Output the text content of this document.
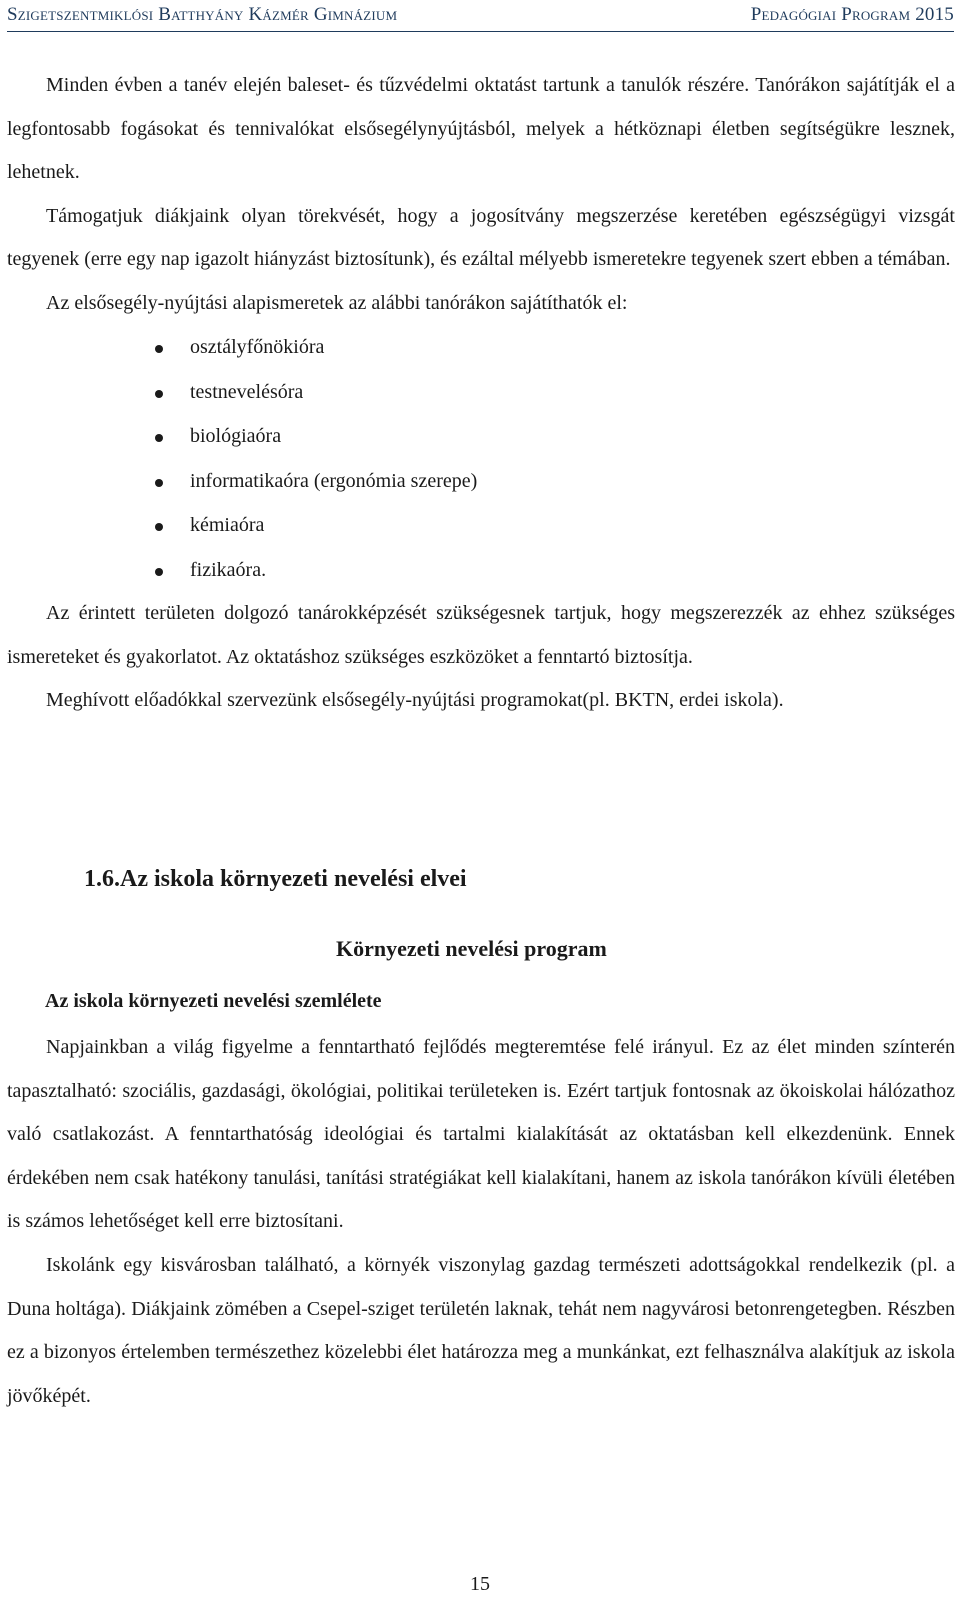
Szigetszentmiklósi Batthyány Kázmér Gimnázium	Pedagógiai Program 2015

Minden évben a tanév elején baleset- és tűzvédelmi oktatást tartunk a tanulók részére. Tanórákon sajátítják el a legfontosabb fogásokat és tennivalókat elsősegélynyújtásból, melyek a hétköznapi életben segítségükre lesznek, lehetnek.

Támogatjuk diákjaink olyan törekvését, hogy a jogosítvány megszerzése keretében egészségügyi vizsgát tegyenek (erre egy nap igazolt hiányzást biztosítunk), és ezáltal mélyebb ismeretekre tegyenek szert ebben a témában.

Az elsősegély-nyújtási alapismeretek az alábbi tanórákon sajátíthatók el:

osztályfőnökióra
testnevelésóra
biológiaóra
informatikaóra (ergonómia szerepe)
kémiaóra
fizikaóra.

Az érintett területen dolgozó tanárokképzését szükségesnek tartjuk, hogy megszerezzék az ehhez szükséges ismereteket és gyakorlatot. Az oktatáshoz szükséges eszközöket a fenntartó biztosítja.

Meghívott előadókkal szervezünk elsősegély-nyújtási programokat(pl. BKTN, erdei iskola).

1.6.Az iskola környezeti nevelési elvei
Környezeti nevelési program
Az iskola környezeti nevelési szemlélete

Napjainkban a világ figyelme a fenntartható fejlődés megteremtése felé irányul. Ez az élet minden színterén tapasztalható: szociális, gazdasági, ökológiai, politikai területeken is. Ezért tartjuk fontosnak az ökoiskolai hálózathoz való csatlakozást. A fenntarthatóság ideológiai és tartalmi kialakítását az oktatásban kell elkezdenünk. Ennek érdekében nem csak hatékony tanulási, tanítási stratégiákat kell kialakítani, hanem az iskola tanórákon kívüli életében is számos lehetőséget kell erre biztosítani.

Iskolánk egy kisvárosban található, a környék viszonylag gazdag természeti adottságokkal rendelkezik (pl. a Duna holtága). Diákjaink zömében a Csepel-sziget területén laknak, tehát nem nagyvárosi betonrengetegben. Részben ez a bizonyos értelemben természethez közelebbi élet határozza meg a munkánkat, ezt felhasználva alakítjuk az iskola jövőképét.

15
